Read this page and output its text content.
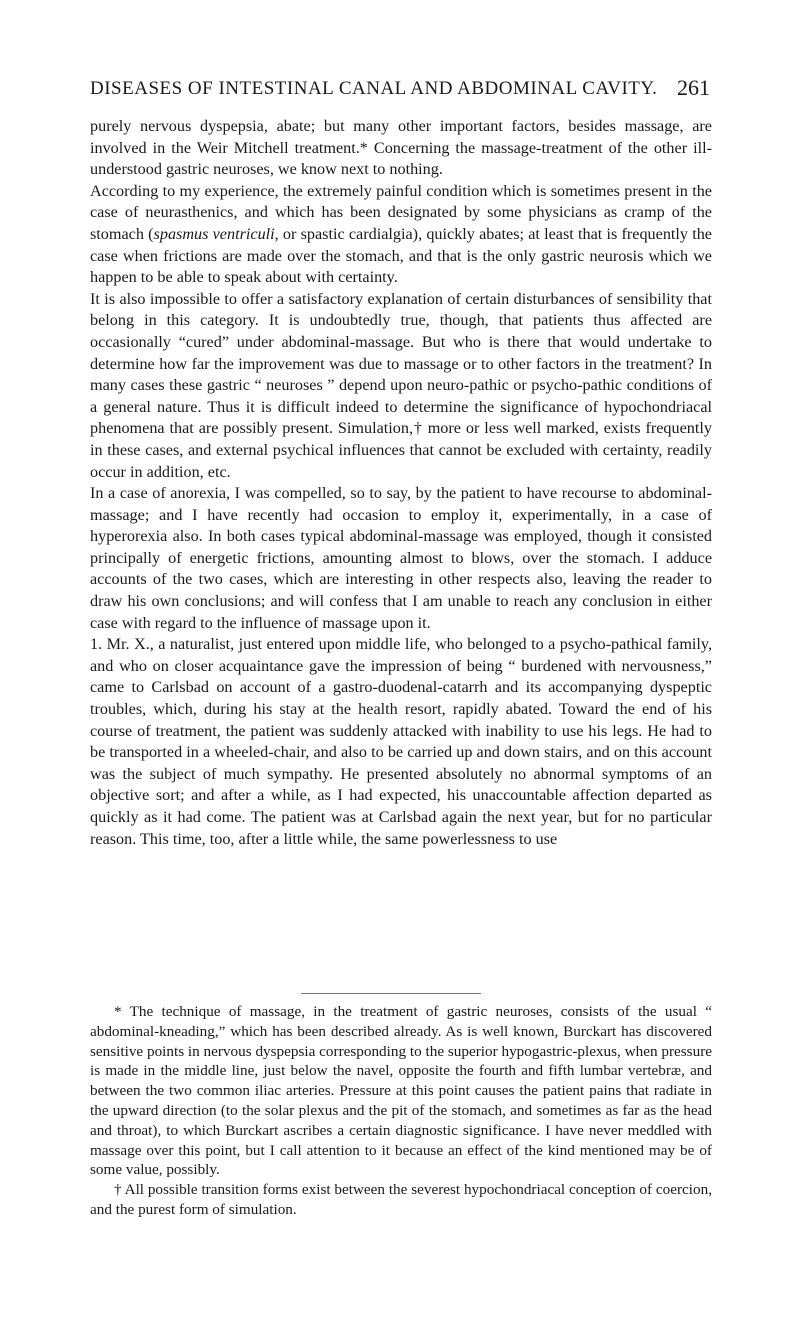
DISEASES OF INTESTINAL CANAL AND ABDOMINAL CAVITY. 261

purely nervous dyspepsia, abate; but many other important factors, besides massage, are involved in the Weir Mitchell treatment.* Concerning the massage-treatment of the other ill-understood gastric neuroses, we know next to nothing.

According to my experience, the extremely painful condition which is sometimes present in the case of neurasthenics, and which has been designated by some physicians as cramp of the stomach (spasmus ventriculi, or spastic cardialgia), quickly abates; at least that is frequently the case when frictions are made over the stomach, and that is the only gastric neurosis which we happen to be able to speak about with certainty.

It is also impossible to offer a satisfactory explanation of certain disturbances of sensibility that belong in this category. It is undoubtedly true, though, that patients thus affected are occasionally “cured” under abdominal-massage. But who is there that would undertake to determine how far the improvement was due to massage or to other factors in the treatment? In many cases these gastric “ neuroses ” depend upon neuro-pathic or psycho-pathic conditions of a general nature. Thus it is difficult indeed to determine the significance of hypochondriacal phenomena that are possibly present. Simulation,† more or less well marked, exists frequently in these cases, and external psychical influences that cannot be excluded with certainty, readily occur in addition, etc.

In a case of anorexia, I was compelled, so to say, by the patient to have recourse to abdominal-massage; and I have recently had occasion to employ it, experimentally, in a case of hyperorexia also. In both cases typical abdominal-massage was employed, though it consisted principally of energetic frictions, amounting almost to blows, over the stomach. I adduce accounts of the two cases, which are interesting in other respects also, leaving the reader to draw his own conclusions; and will confess that I am unable to reach any conclusion in either case with regard to the influence of massage upon it.

1. Mr. X., a naturalist, just entered upon middle life, who belonged to a psycho-pathical family, and who on closer acquaintance gave the impression of being “ burdened with nervousness,” came to Carlsbad on account of a gastro-duodenal-catarrh and its accompanying dyspeptic troubles, which, during his stay at the health resort, rapidly abated. Toward the end of his course of treatment, the patient was suddenly attacked with inability to use his legs. He had to be transported in a wheeled-chair, and also to be carried up and down stairs, and on this account was the subject of much sympathy. He presented absolutely no abnormal symptoms of an objective sort; and after a while, as I had expected, his unaccountable affection departed as quickly as it had come. The patient was at Carlsbad again the next year, but for no particular reason. This time, too, after a little while, the same powerlessness to use

* The technique of massage, in the treatment of gastric neuroses, consists of the usual “ abdominal-kneading,” which has been described already. As is well known, Burckart has discovered sensitive points in nervous dyspepsia corresponding to the superior hypogastric-plexus, when pressure is made in the middle line, just below the navel, opposite the fourth and fifth lumbar vertebræ, and between the two common iliac arteries. Pressure at this point causes the patient pains that radiate in the upward direction (to the solar plexus and the pit of the stomach, and sometimes as far as the head and throat), to which Burckart ascribes a certain diagnostic significance. I have never meddled with massage over this point, but I call attention to it because an effect of the kind mentioned may be of some value, possibly.

† All possible transition forms exist between the severest hypochondriacal conception of coercion, and the purest form of simulation.
